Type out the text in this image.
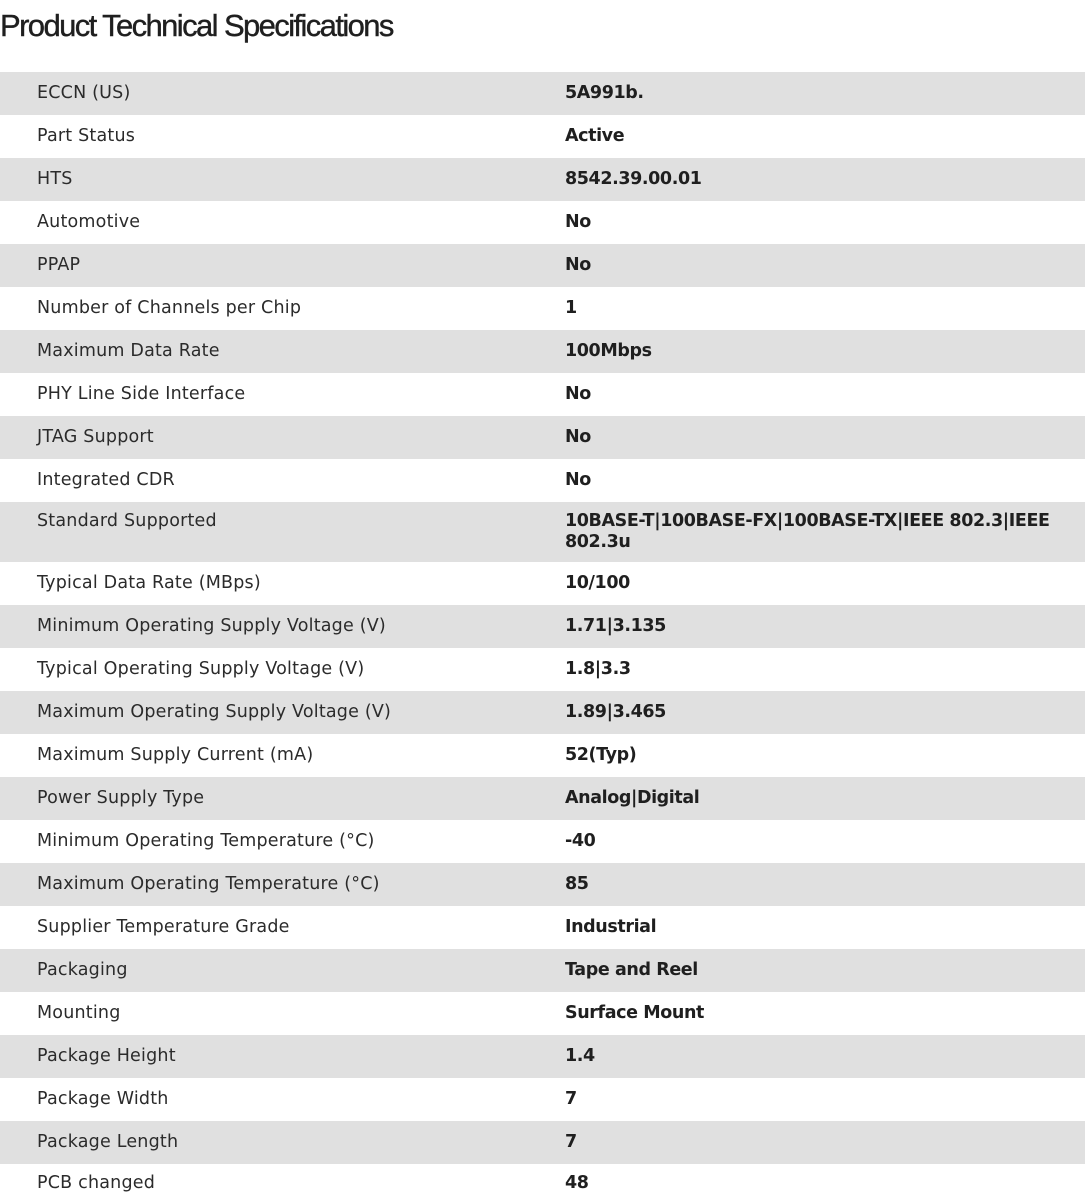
Product Technical Specifications
ECCN (US)	5A991b.
Part Status	Active
HTS	8542.39.00.01
Automotive	No
PPAP	No
Number of Channels per Chip	1
Maximum Data Rate	100Mbps
PHY Line Side Interface	No
JTAG Support	No
Integrated CDR	No
Standard Supported	10BASE-T|100BASE-FX|100BASE-TX|IEEE 802.3|IEEE 802.3u
Typical Data Rate (MBps)	10/100
Minimum Operating Supply Voltage (V)	1.71|3.135
Typical Operating Supply Voltage (V)	1.8|3.3
Maximum Operating Supply Voltage (V)	1.89|3.465
Maximum Supply Current (mA)	52(Typ)
Power Supply Type	Analog|Digital
Minimum Operating Temperature (°C)	-40
Maximum Operating Temperature (°C)	85
Supplier Temperature Grade	Industrial
Packaging	Tape and Reel
Mounting	Surface Mount
Package Height	1.4
Package Width	7
Package Length	7
PCB changed	48
